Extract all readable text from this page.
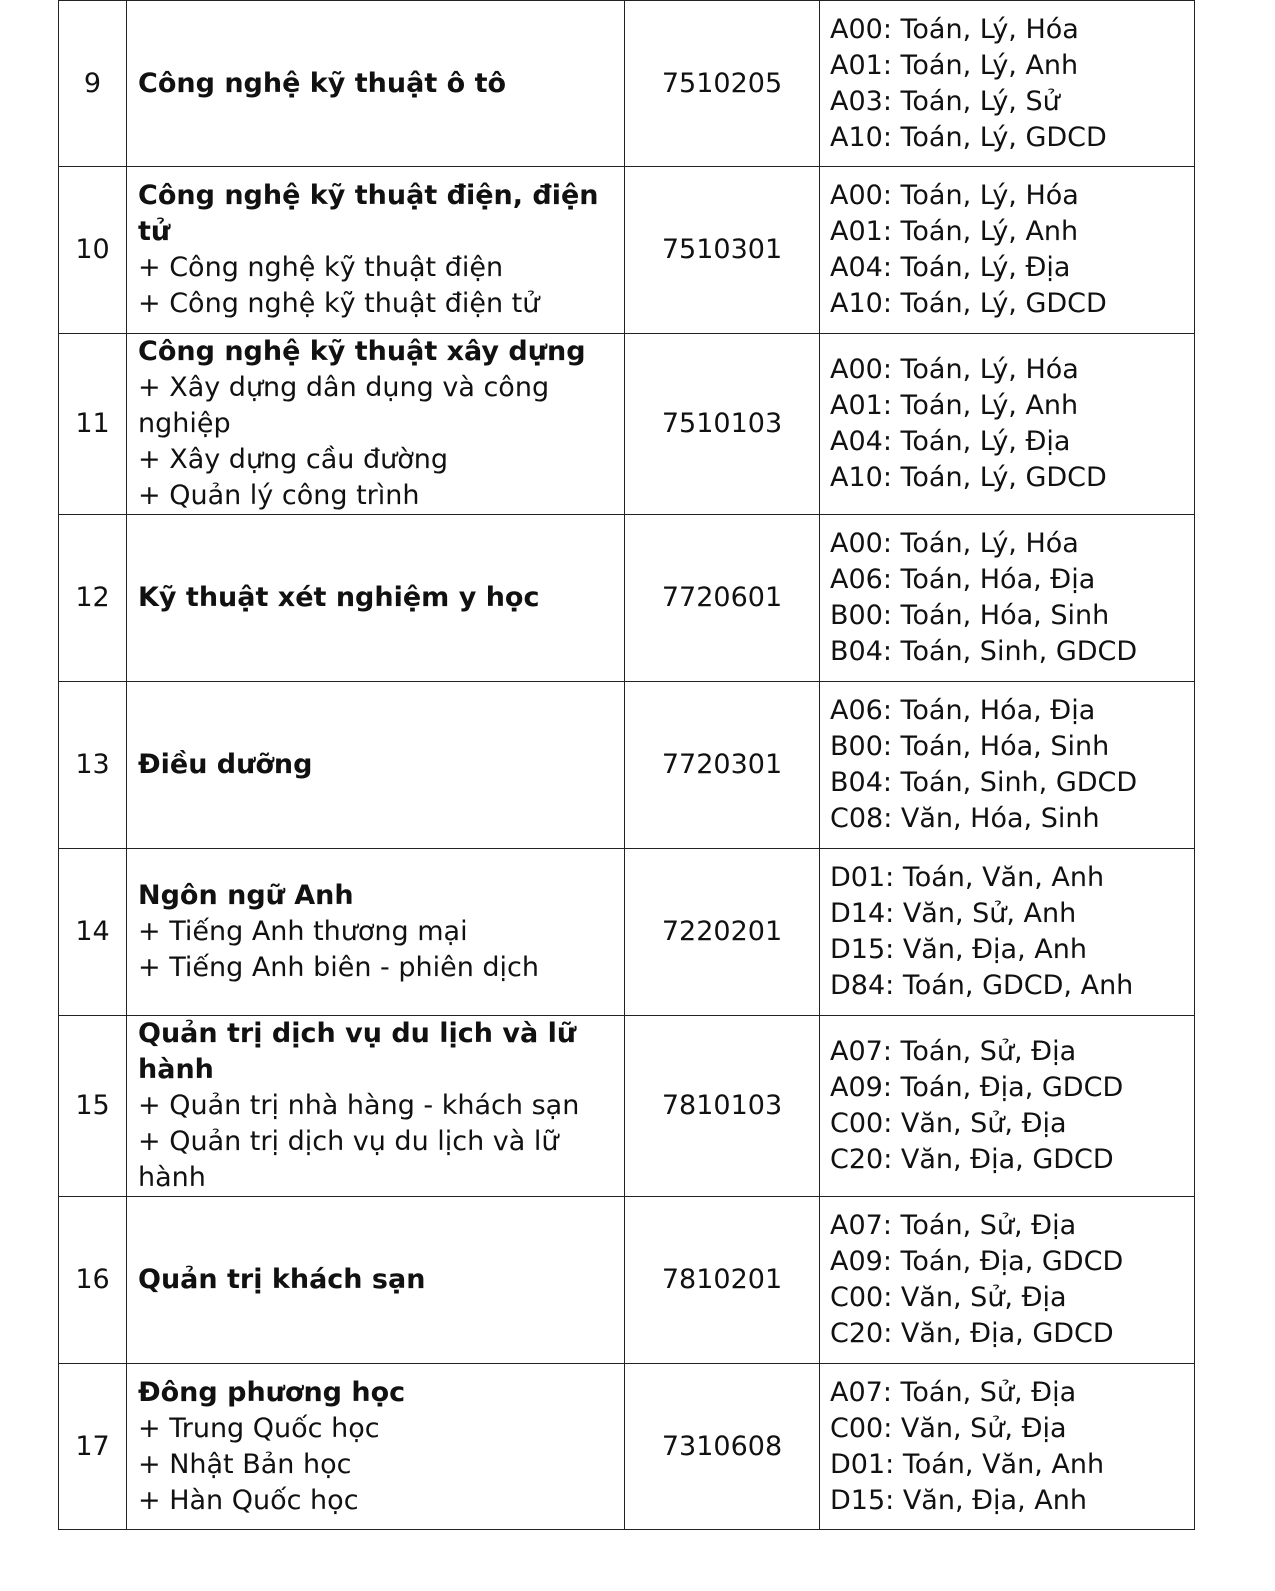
9	Công nghệ kỹ thuật ô tô	7510205	A00: Toán, Lý, Hóa
A01: Toán, Lý, Anh
A03: Toán, Lý, Sử
A10: Toán, Lý, GDCD

10	Công nghệ kỹ thuật điện, điện tử
+ Công nghệ kỹ thuật điện
+ Công nghệ kỹ thuật điện tử	7510301	A00: Toán, Lý, Hóa
A01: Toán, Lý, Anh
A04: Toán, Lý, Địa
A10: Toán, Lý, GDCD

11	Công nghệ kỹ thuật xây dựng
+ Xây dựng dân dụng và công nghiệp
+ Xây dựng cầu đường
+ Quản lý công trình	7510103	A00: Toán, Lý, Hóa
A01: Toán, Lý, Anh
A04: Toán, Lý, Địa
A10: Toán, Lý, GDCD

12	Kỹ thuật xét nghiệm y học	7720601	A00: Toán, Lý, Hóa
A06: Toán, Hóa, Địa
B00: Toán, Hóa, Sinh
B04: Toán, Sinh, GDCD

13	Điều dưỡng	7720301	A06: Toán, Hóa, Địa
B00: Toán, Hóa, Sinh
B04: Toán, Sinh, GDCD
C08: Văn, Hóa, Sinh

14	Ngôn ngữ Anh
+ Tiếng Anh thương mại
+ Tiếng Anh biên - phiên dịch	7220201	D01: Toán, Văn, Anh
D14: Văn, Sử, Anh
D15: Văn, Địa, Anh
D84: Toán, GDCD, Anh

15	Quản trị dịch vụ du lịch và lữ hành
+ Quản trị nhà hàng - khách sạn
+ Quản trị dịch vụ du lịch và lữ hành	7810103	A07: Toán, Sử, Địa
A09: Toán, Địa, GDCD
C00: Văn, Sử, Địa
C20: Văn, Địa, GDCD

16	Quản trị khách sạn	7810201	A07: Toán, Sử, Địa
A09: Toán, Địa, GDCD
C00: Văn, Sử, Địa
C20: Văn, Địa, GDCD

17	Đông phương học
+ Trung Quốc học
+ Nhật Bản học
+ Hàn Quốc học	7310608	A07: Toán, Sử, Địa
C00: Văn, Sử, Địa
D01: Toán, Văn, Anh
D15: Văn, Địa, Anh
